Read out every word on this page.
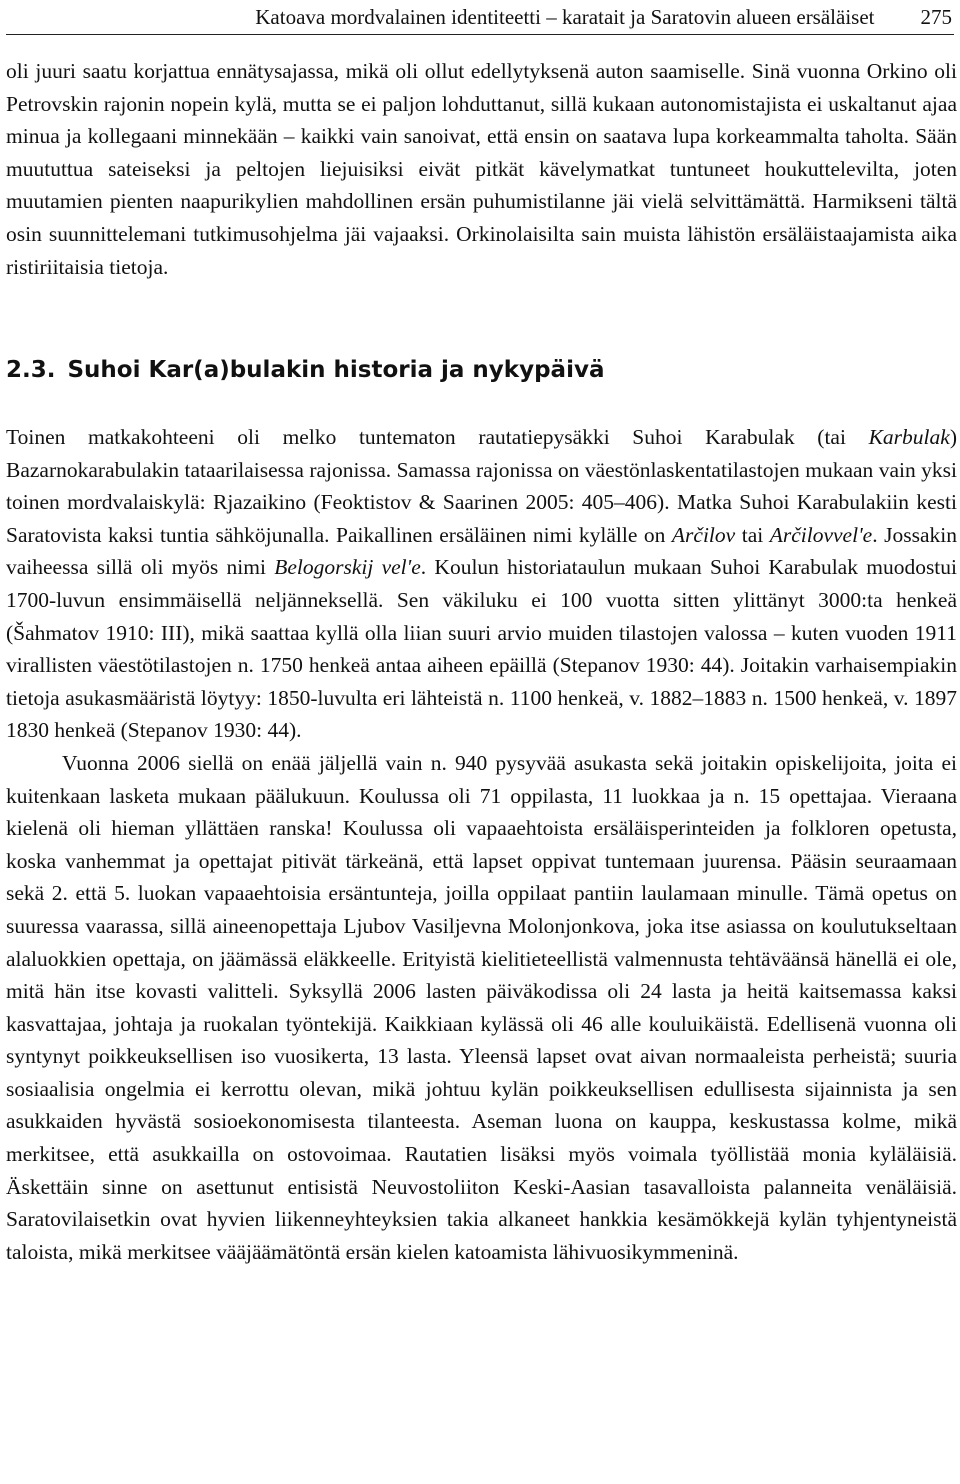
Katoava mordvalainen identiteetti – karatait ja Saratovin alueen ersäläiset 275

oli juuri saatu korjattua ennätysajassa, mikä oli ollut edellytyksenä auton saamiselle. Sinä vuonna Orkino oli Petrovskin rajonin nopein kylä, mutta se ei paljon lohduttanut, sillä kukaan autonomistajista ei uskaltanut ajaa minua ja kollegaani minnekään – kaikki vain sanoivat, että ensin on saatava lupa korkeammalta taholta. Sään muututtua sateiseksi ja peltojen liejuisiksi eivät pitkät kävelymatkat tuntuneet houkuttelevilta, joten muutamien pienten naapurikylien mahdollinen ersän puhumistilanne jäi vielä selvittämättä. Harmikseni tältä osin suunnittelemani tutkimusohjelma jäi vajaaksi. Orkinolaisilta sain muista lähistön ersäläistaajamista aika ristiriitaisia tietoja.

2.3. Suhoi Kar(a)bulakin historia ja nykypäivä

Toinen matkakohteeni oli melko tuntematon rautatiepysäkki Suhoi Karabulak (tai Karbulak) Bazarnokarabulakin tataarilaisessa rajonissa. Samassa rajonissa on väestönlaskentatilastojen mukaan vain yksi toinen mordvalaiskylä: Rjazaikino (Feoktistov & Saarinen 2005: 405–406). Matka Suhoi Karabulakiin kesti Saratovista kaksi tuntia sähköjunalla. Paikallinen ersäläinen nimi kylälle on Arčilov tai Arčilovvel'e. Jossakin vaiheessa sillä oli myös nimi Belogorskij vel'e. Koulun historiataulun mukaan Suhoi Karabulak muodostui 1700-luvun ensimmäisellä neljänneksellä. Sen väkiluku ei 100 vuotta sitten ylittänyt 3000:ta henkeä (Šahmatov 1910: III), mikä saattaa kyllä olla liian suuri arvio muiden tilastojen valossa – kuten vuoden 1911 virallisten väestötilastojen n. 1750 henkeä antaa aiheen epäillä (Stepanov 1930: 44). Joitakin varhaisempiakin tietoja asukasmääristä löytyy: 1850-luvulta eri lähteistä n. 1100 henkeä, v. 1882–1883 n. 1500 henkeä, v. 1897 1830 henkeä (Stepanov 1930: 44).

Vuonna 2006 siellä on enää jäljellä vain n. 940 pysyvää asukasta sekä joitakin opiskelijoita, joita ei kuitenkaan lasketa mukaan päälukuun. Koulussa oli 71 oppilasta, 11 luokkaa ja n. 15 opettajaa. Vieraana kielenä oli hieman yllättäen ranska! Koulussa oli vapaaehtoista ersäläisperinteiden ja folkloren opetusta, koska vanhemmat ja opettajat pitivät tärkeänä, että lapset oppivat tuntemaan juurensa. Pääsin seuraamaan sekä 2. että 5. luokan vapaaehtoisia ersäntunteja, joilla oppilaat pantiin laulamaan minulle. Tämä opetus on suuressa vaarassa, sillä aineenopettaja Ljubov Vasiljevna Molonjonkova, joka itse asiassa on koulutukseltaan alaluokkien opettaja, on jäämässä eläkkeelle. Erityistä kielitieteellistä valmennusta tehtäväänsä hänellä ei ole, mitä hän itse kovasti valitteli. Syksyllä 2006 lasten päiväkodissa oli 24 lasta ja heitä kaitsemassa kaksi kasvattajaa, johtaja ja ruokalan työntekijä. Kaikkiaan kylässä oli 46 alle kouluikäistä. Edellisenä vuonna oli syntynyt poikkeuksellisen iso vuosikerta, 13 lasta. Yleensä lapset ovat aivan normaaleista perheistä; suuria sosiaalisia ongelmia ei kerrottu olevan, mikä johtuu kylän poikkeuksellisen edullisesta sijainnista ja sen asukkaiden hyvästä sosioekonomisesta tilanteesta. Aseman luona on kauppa, keskustassa kolme, mikä merkitsee, että asukkailla on ostovoimaa. Rautatien lisäksi myös voimala työllistää monia kyläläisiä. Äskettäin sinne on asettunut entisistä Neuvostoliiton Keski-Aasian tasavalloista palanneita venäläisiä. Saratovilaisetkin ovat hyvien liikenneyhteyksien takia alkaneet hankkia kesämökkejä kylän tyhjentyneistä taloista, mikä merkitsee vääjäämätöntä ersän kielen katoamista lähivuosikymmeninä.
